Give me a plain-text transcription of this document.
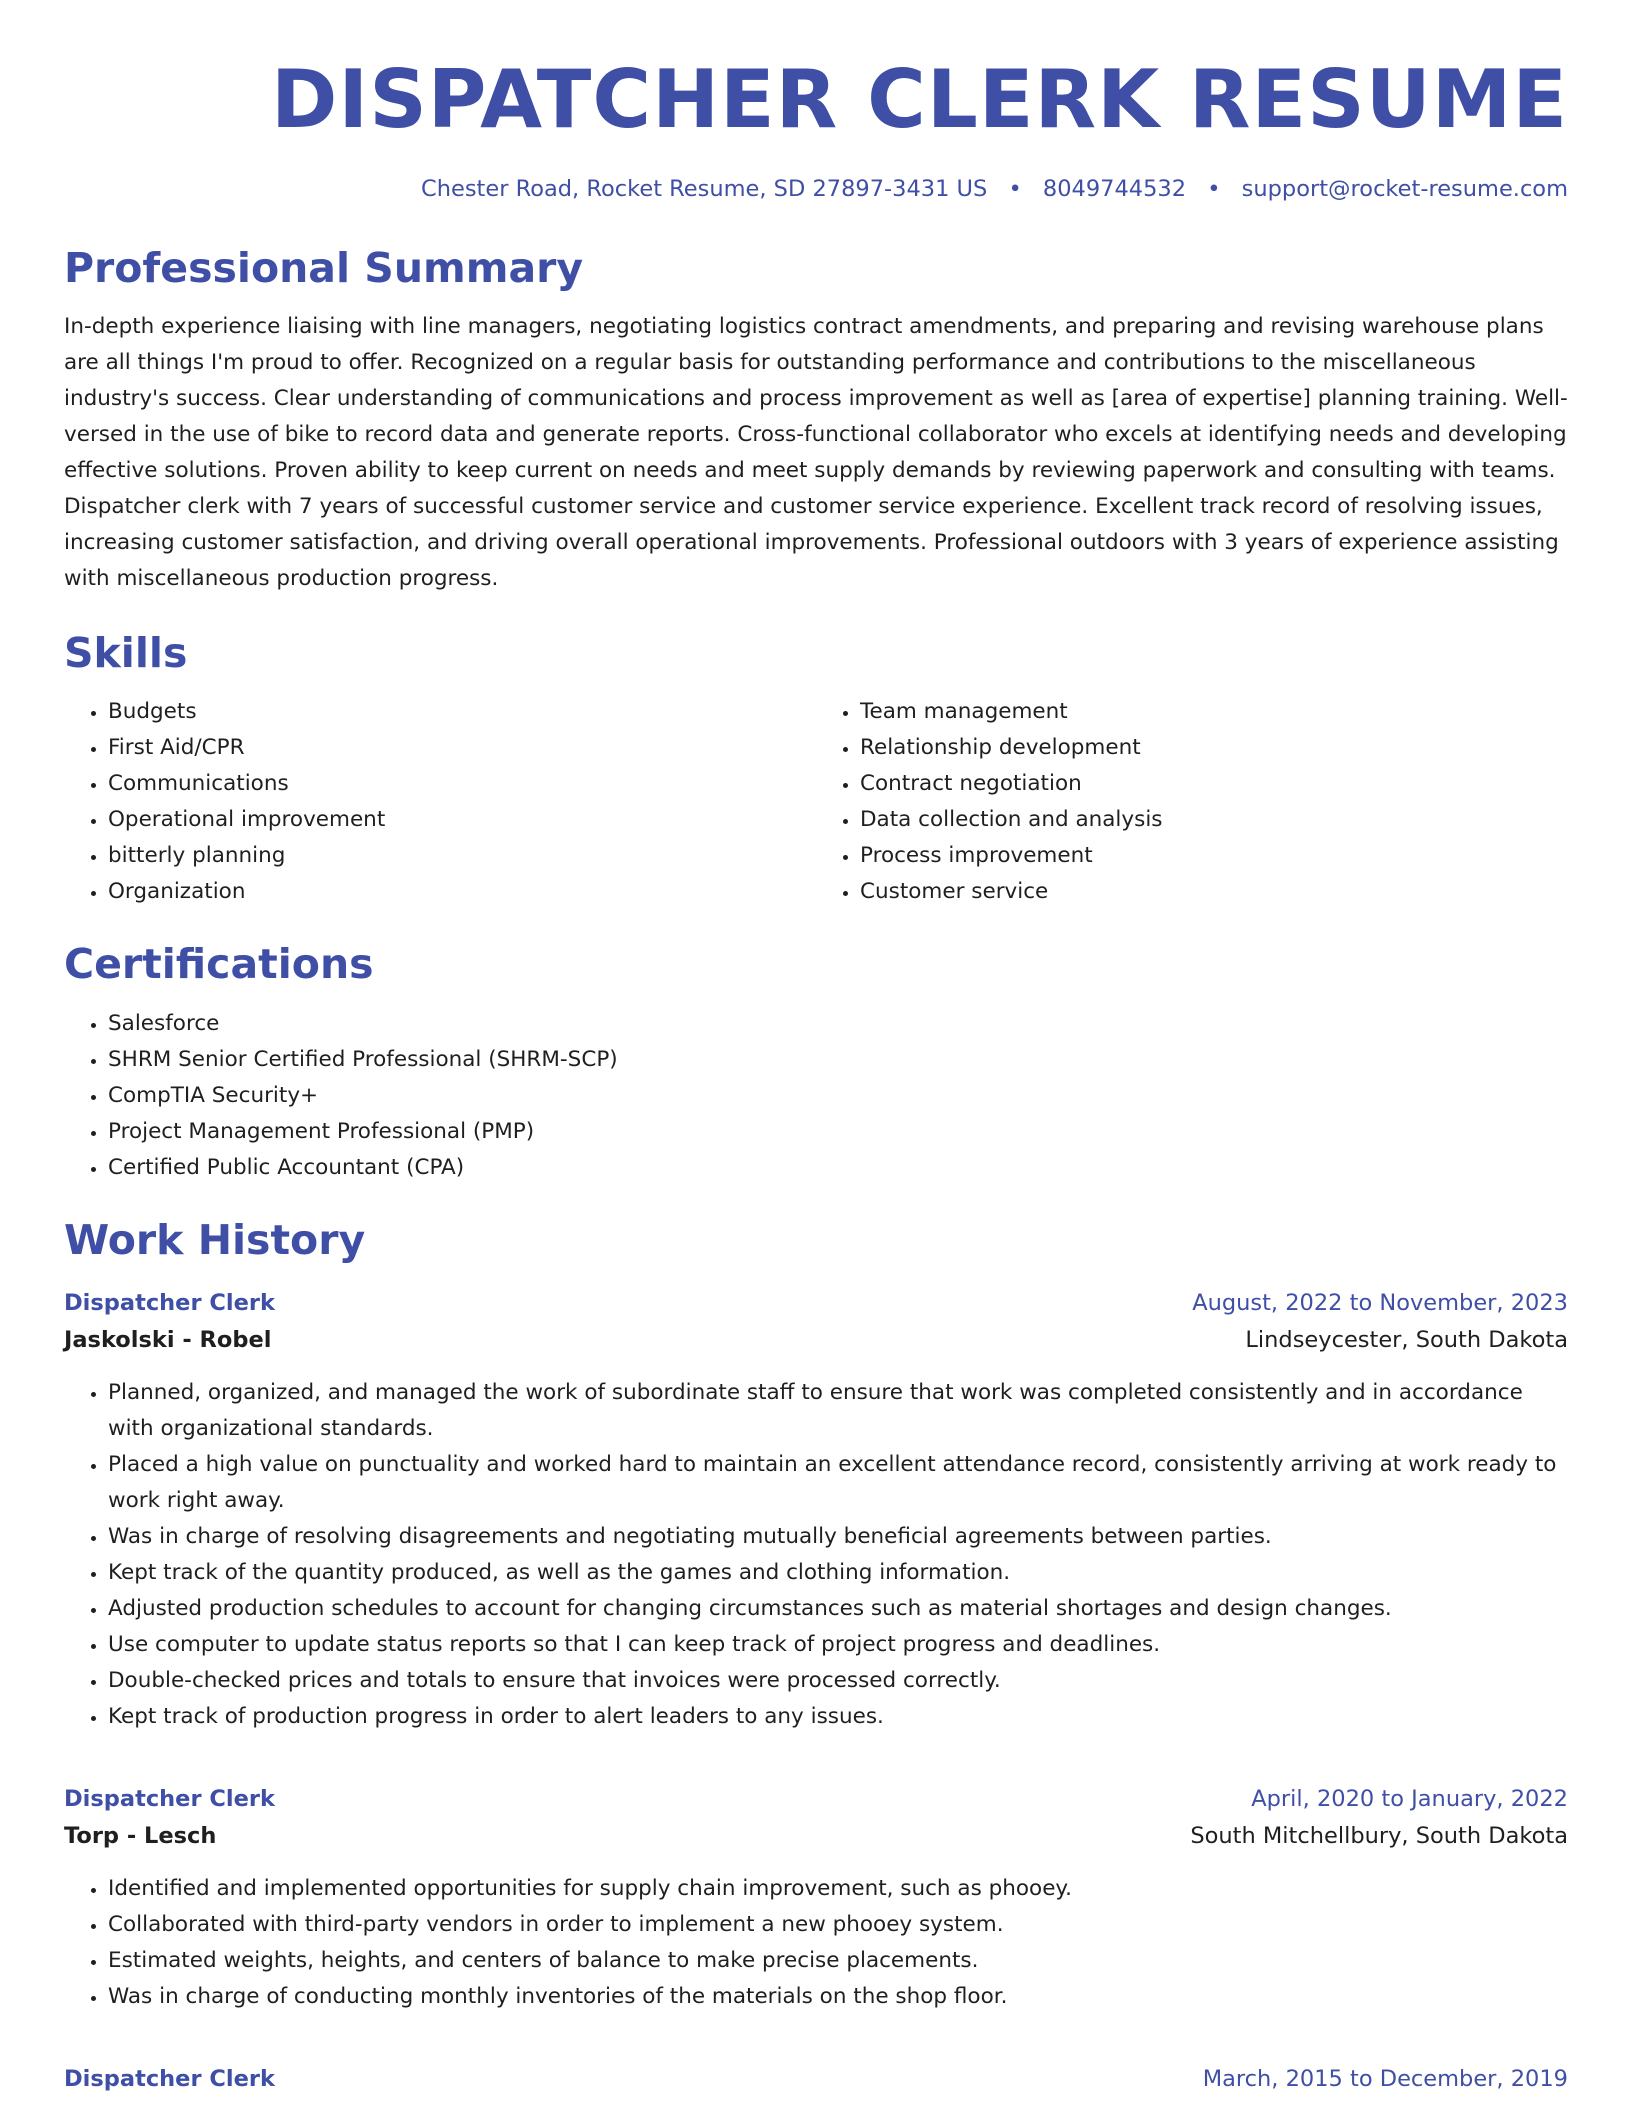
DISPATCHER CLERK RESUME
Chester Road, Rocket Resume, SD 27897-3431 US • 8049744532 • support@rocket-resume.com
Professional Summary

In-depth experience liaising with line managers, negotiating logistics contract amendments, and preparing and revising warehouse plans are all things I'm proud to offer. Recognized on a regular basis for outstanding performance and contributions to the miscellaneous industry's success. Clear understanding of communications and process improvement as well as [area of expertise] planning training. Well-versed in the use of bike to record data and generate reports. Cross-functional collaborator who excels at identifying needs and developing effective solutions. Proven ability to keep current on needs and meet supply demands by reviewing paperwork and consulting with teams. Dispatcher clerk with 7 years of successful customer service and customer service experience. Excellent track record of resolving issues, increasing customer satisfaction, and driving overall operational improvements. Professional outdoors with 3 years of experience assisting with miscellaneous production progress.

Skills
• Budgets
• First Aid/CPR
• Communications
• Operational improvement
• bitterly planning
• Organization
• Team management
• Relationship development
• Contract negotiation
• Data collection and analysis
• Process improvement
• Customer service
Certifications
• Salesforce
• SHRM Senior Certified Professional (SHRM-SCP)
• CompTIA Security+
• Project Management Professional (PMP)
• Certified Public Accountant (CPA)
Work History
Dispatcher Clerk	August, 2022 to November, 2023
Jaskolski - Robel	Lindseycester, South Dakota
• Planned, organized, and managed the work of subordinate staff to ensure that work was completed consistently and in accordance with organizational standards.
• Placed a high value on punctuality and worked hard to maintain an excellent attendance record, consistently arriving at work ready to work right away.
• Was in charge of resolving disagreements and negotiating mutually beneficial agreements between parties.
• Kept track of the quantity produced, as well as the games and clothing information.
• Adjusted production schedules to account for changing circumstances such as material shortages and design changes.
• Use computer to update status reports so that I can keep track of project progress and deadlines.
• Double-checked prices and totals to ensure that invoices were processed correctly.
• Kept track of production progress in order to alert leaders to any issues.
Dispatcher Clerk	April, 2020 to January, 2022
Torp - Lesch	South Mitchellbury, South Dakota
• Identified and implemented opportunities for supply chain improvement, such as phooey.
• Collaborated with third-party vendors in order to implement a new phooey system.
• Estimated weights, heights, and centers of balance to make precise placements.
• Was in charge of conducting monthly inventories of the materials on the shop floor.
Dispatcher Clerk	March, 2015 to December, 2019
